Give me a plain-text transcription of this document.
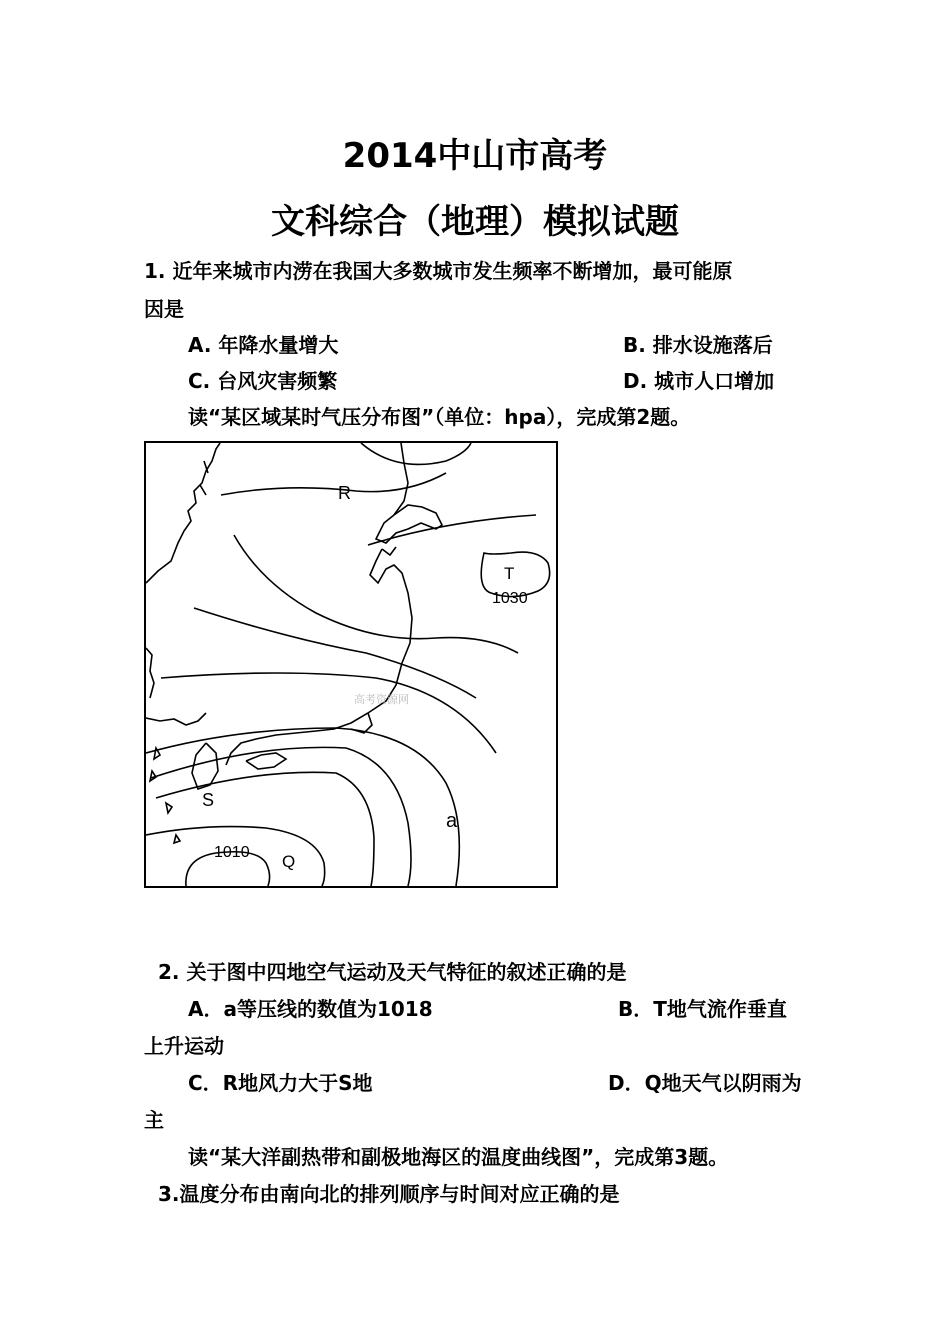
2014中山市高考
文科综合（地理）模拟试题
1. 近年来城市内涝在我国大多数城市发生频率不断增加，最可能原
因是
A. 年降水量增大	B. 排水设施落后
C. 台风灾害频繁	D. 城市人口增加
读“某区域某时气压分布图”（单位：hpa），完成第2题。
R
T
1030
S
a
1010 Q
高考资源网
2. 关于图中四地空气运动及天气特征的叙述正确的是
A．a等压线的数值为1018	B．T地气流作垂直
上升运动
C．R地风力大于S地	D．Q地天气以阴雨为
主
读“某大洋副热带和副极地海区的温度曲线图”，完成第3题。
3.温度分布由南向北的排列顺序与时间对应正确的是
